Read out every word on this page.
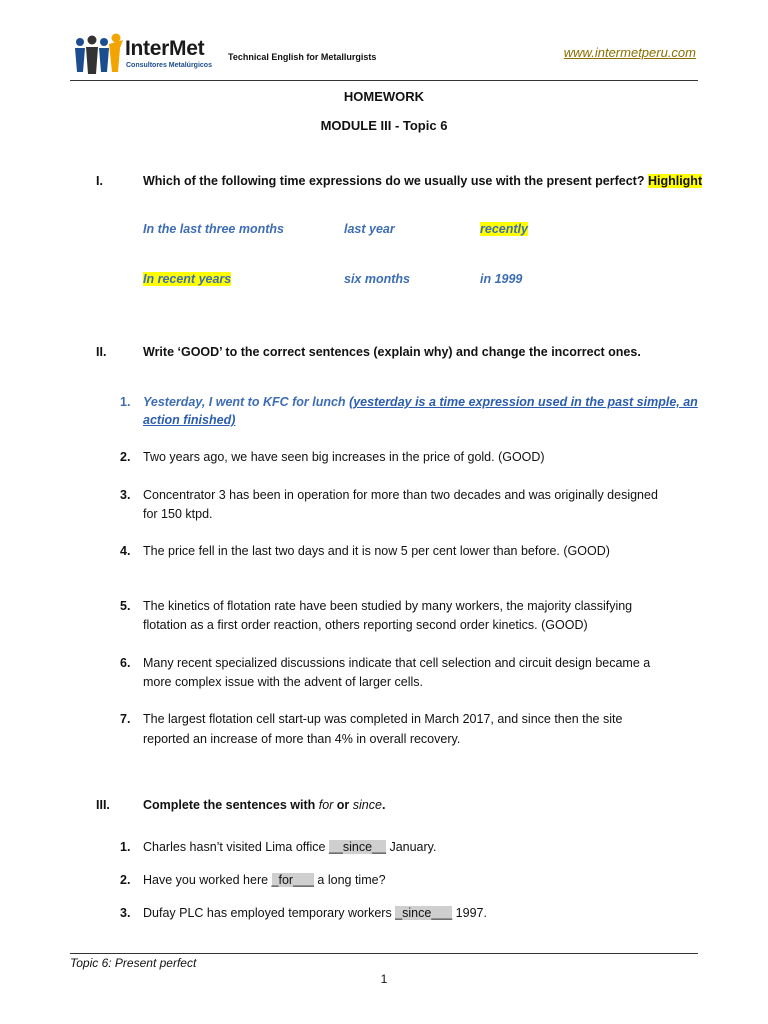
InterMet
Consultores Metalúrgicos
Technical English for Metallurgists	www.intermetperu.com
HOMEWORK
MODULE III - Topic 6
I.	Which of the following time expressions do we usually use with the present perfect? Highlight
In the last three months	last year	recently
In recent years	six months	in 1999
II.	Write ‘GOOD’ to the correct sentences (explain why) and change the incorrect ones.
1. Yesterday, I went to KFC for lunch (yesterday is a time expression used in the past simple, an
action finished)
2. Two years ago, we have seen big increases in the price of gold. (GOOD)
3. Concentrator 3 has been in operation for more than two decades and was originally designed
for 150 ktpd.
4. The price fell in the last two days and it is now 5 per cent lower than before. (GOOD)
5. The kinetics of flotation rate have been studied by many workers, the majority classifying
flotation as a first order reaction, others reporting second order kinetics. (GOOD)
6. Many recent specialized discussions indicate that cell selection and circuit design became a
more complex issue with the advent of larger cells.
7. The largest flotation cell start-up was completed in March 2017, and since then the site
reported an increase of more than 4% in overall recovery.
III.	Complete the sentences with for or since.
1. Charles hasn’t visited Lima office __since__ January.
2. Have you worked here _for___ a long time?
3. Dufay PLC has employed temporary workers _since___ 1997.
Topic 6: Present perfect
1
